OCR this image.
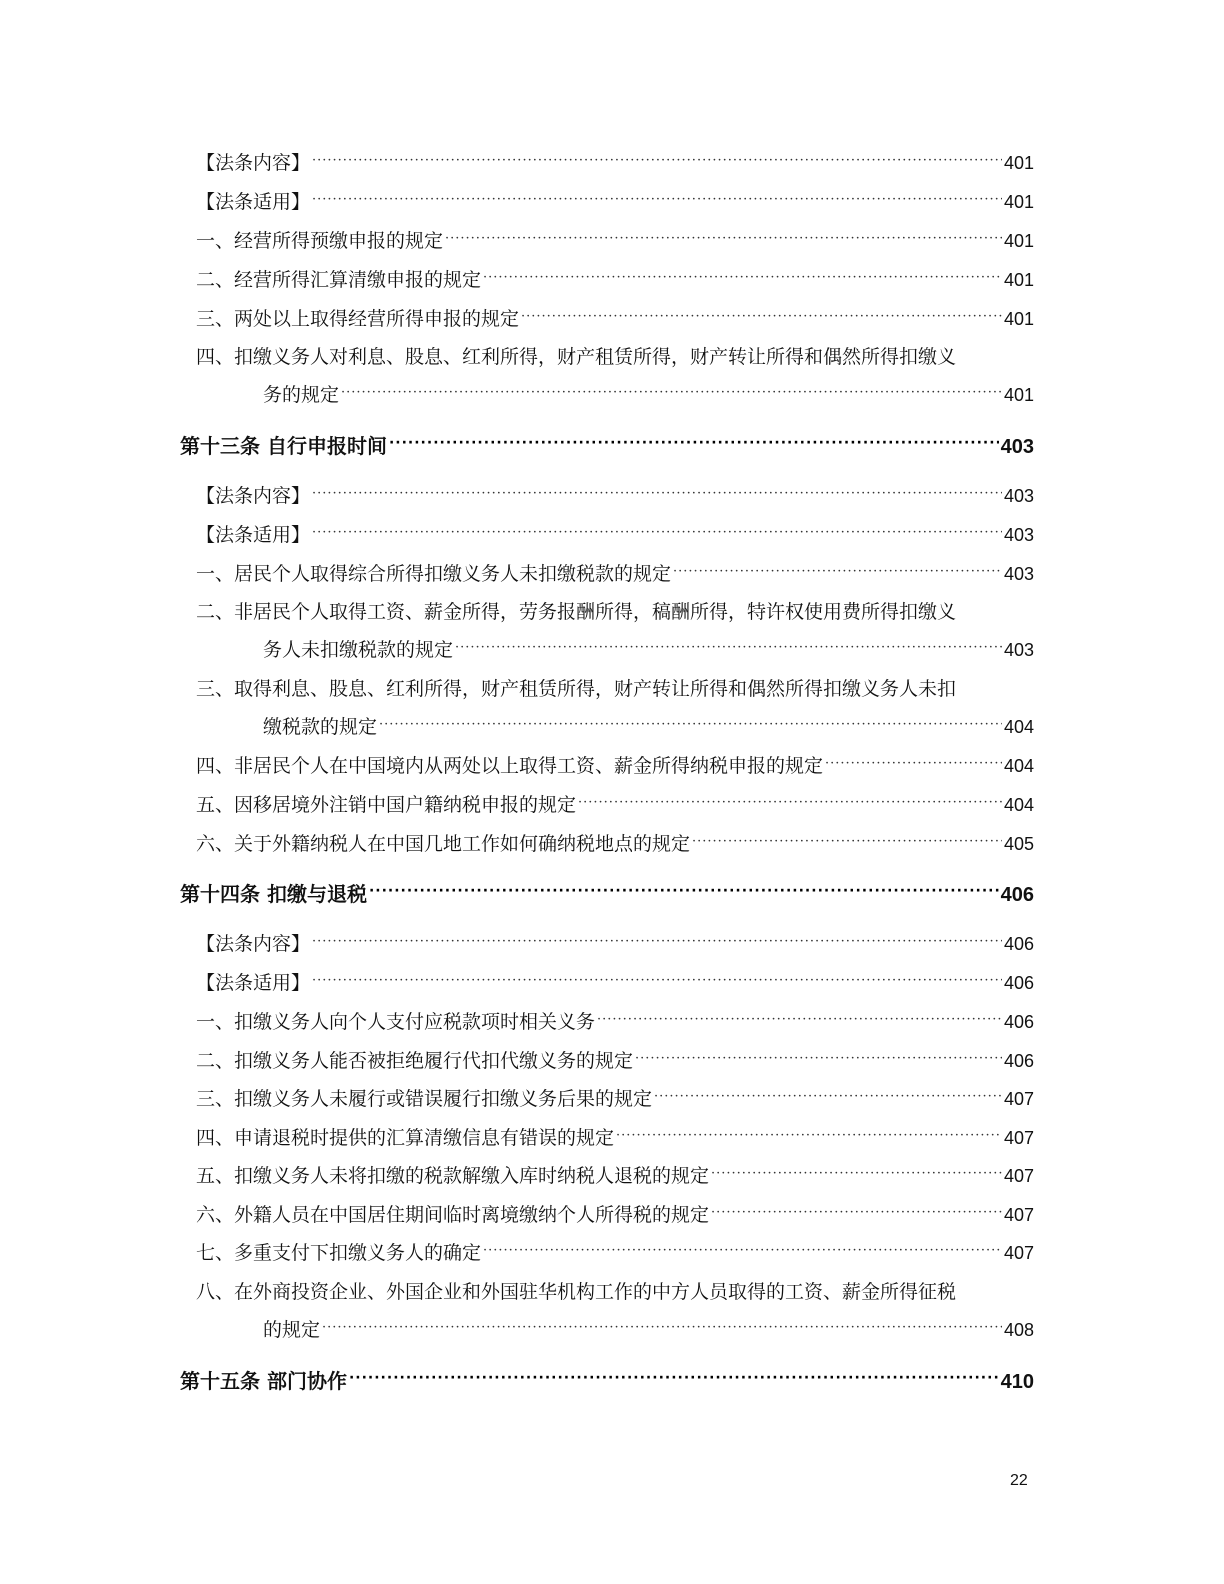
【法条内容】 ·····	401
【法条适用】 ·····	401
一、经营所得预缴申报的规定 ·····	401
二、经营所得汇算清缴申报的规定 ·····	401
三、两处以上取得经营所得申报的规定 ·····	401
四、扣缴义务人对利息、股息、红利所得，财产租赁所得，财产转让所得和偶然所得扣缴义
务的规定 ·····	401
第十三条 自行申报时间 ·····	403
【法条内容】 ·····	403
【法条适用】 ·····	403
一、居民个人取得综合所得扣缴义务人未扣缴税款的规定 ·····	403
二、非居民个人取得工资、薪金所得，劳务报酬所得，稿酬所得，特许权使用费所得扣缴义
务人未扣缴税款的规定 ·····	403
三、取得利息、股息、红利所得，财产租赁所得，财产转让所得和偶然所得扣缴义务人未扣
缴税款的规定 ·····	404
四、非居民个人在中国境内从两处以上取得工资、薪金所得纳税申报的规定 ·····	404
五、因移居境外注销中国户籍纳税申报的规定 ·····	404
六、关于外籍纳税人在中国几地工作如何确纳税地点的规定 ·····	405
第十四条 扣缴与退税 ·····	406
【法条内容】 ·····	406
【法条适用】 ·····	406
一、扣缴义务人向个人支付应税款项时相关义务 ·····	406
二、扣缴义务人能否被拒绝履行代扣代缴义务的规定 ·····	406
三、扣缴义务人未履行或错误履行扣缴义务后果的规定 ·····	407
四、申请退税时提供的汇算清缴信息有错误的规定 ·····	407
五、扣缴义务人未将扣缴的税款解缴入库时纳税人退税的规定 ·····	407
六、外籍人员在中国居住期间临时离境缴纳个人所得税的规定 ·····	407
七、多重支付下扣缴义务人的确定 ·····	407
八、在外商投资企业、外国企业和外国驻华机构工作的中方人员取得的工资、薪金所得征税
的规定 ·····	408
第十五条 部门协作 ·····	410
22
